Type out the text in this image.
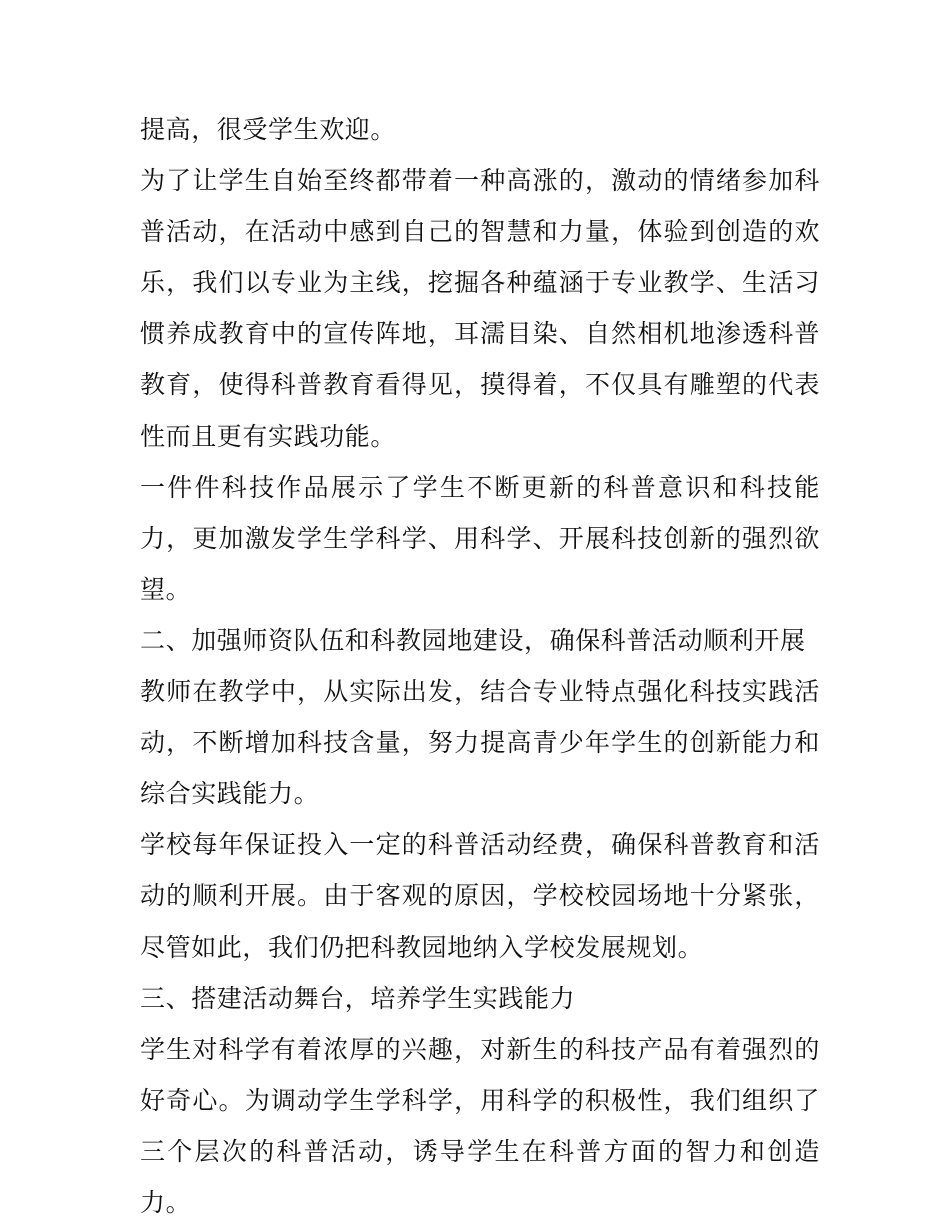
提高，很受学生欢迎。

为了让学生自始至终都带着一种高涨的，激动的情绪参加科普活动，在活动中感到自己的智慧和力量，体验到创造的欢乐，我们以专业为主线，挖掘各种蕴涵于专业教学、生活习惯养成教育中的宣传阵地，耳濡目染、自然相机地渗透科普教育，使得科普教育看得见，摸得着，不仅具有雕塑的代表性而且更有实践功能。

一件件科技作品展示了学生不断更新的科普意识和科技能力，更加激发学生学科学、用科学、开展科技创新的强烈欲望。

二、加强师资队伍和科教园地建设，确保科普活动顺利开展

教师在教学中，从实际出发，结合专业特点强化科技实践活动，不断增加科技含量，努力提高青少年学生的创新能力和综合实践能力。

学校每年保证投入一定的科普活动经费，确保科普教育和活动的顺利开展。由于客观的原因，学校校园场地十分紧张，尽管如此，我们仍把科教园地纳入学校发展规划。

三、搭建活动舞台，培养学生实践能力

学生对科学有着浓厚的兴趣，对新生的科技产品有着强烈的好奇心。为调动学生学科学，用科学的积极性，我们组织了三个层次的科普活动，诱导学生在科普方面的智力和创造力。
